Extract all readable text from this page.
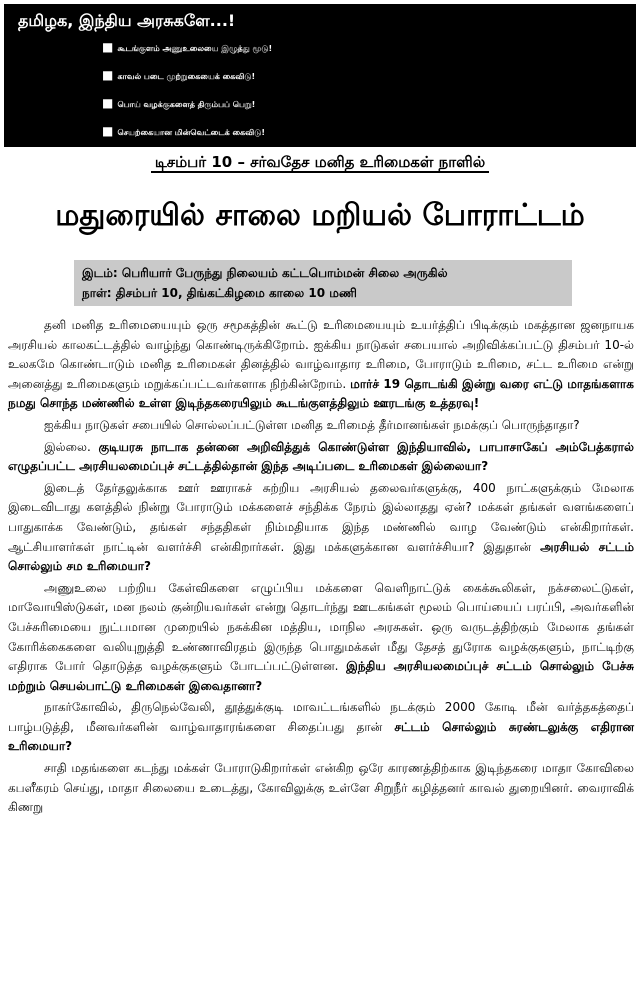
தமிழக, இந்திய அரசுகளே...!
■ கூடங்குளம் அணுஉலையை இழுத்து மூடு!
■ காவல் படை முற்றுகையைக் கைவிடு!
■ பொய் வழக்குகளைத் திரும்பப் பெறு!
■ செயற்கையான மின்வெட்டைக் கைவிடு!
டிசம்பர் 10 – சர்வதேச மனித உரிமைகள் நாளில்
மதுரையில் சாலை மறியல் போராட்டம்
இடம்: பெரியார் பேருந்து நிலையம் கட்டபொம்மன் சிலை அருகில்
நாள்: திசம்பர் 10, திங்கட்கிழமை காலை 10 மணி

தனி மனித உரிமையையும் ஒரு சமூகத்தின் கூட்டு உரிமையையும் உயர்த்திப் பிடிக்கும் மகத்தான ஜனநாயக அரசியல் காலகட்டத்தில் வாழ்ந்து கொண்டிருக்கிறோம். ஐக்கிய நாடுகள் சபையால் அறிவிக்கப்பட்டு திசம்பர் 10-ல் உலகமே கொண்டாடும் மனித உரிமைகள் தினத்தில் வாழ்வாதார உரிமை, போராடும் உரிமை, சட்ட உரிமை என்று அனைத்து உரிமைகளும் மறுக்கப்பட்டவர்களாக நிற்கின்றோம். மார்ச் 19 தொடங்கி இன்று வரை எட்டு மாதங்களாக நமது சொந்த மண்ணில் உள்ள இடிந்தகரையிலும் கூடங்குளத்திலும் ஊரடங்கு உத்தரவு!

ஐக்கிய நாடுகள் சபையில் சொல்லப்பட்டுள்ள மனித உரிமைத் தீர்மானங்கள் நமக்குப் பொருந்தாதா?

இல்லை. குடியரசு நாடாக தன்னை அறிவித்துக் கொண்டுள்ள இந்தியாவில், பாபாசாகேப் அம்பேத்கரால் எழுதப்பட்ட அரசியலமைப்புச் சட்டத்தில்தான் இந்த அடிப்படை உரிமைகள் இல்லையா?

இடைத் தேர்தலுக்காக ஊர் ஊராகச் சுற்றிய அரசியல் தலைவர்களுக்கு, 400 நாட்களுக்கும் மேலாக இடைவிடாது களத்தில் நின்று போராடும் மக்களைச் சந்திக்க நேரம் இல்லாதது ஏன்? மக்கள் தங்கள் வளங்களைப் பாதுகாக்க வேண்டும், தங்கள் சந்ததிகள் நிம்மதியாக இந்த மண்ணில் வாழ வேண்டும் என்கிறார்கள். ஆட்சியாளர்கள் நாட்டின் வளர்ச்சி என்கிறார்கள். இது மக்களுக்கான வளர்ச்சியா? இதுதான் அரசியல் சட்டம் சொல்லும் சம உரிமையா?

அணுஉலை பற்றிய கேள்விகளை எழுப்பிய மக்களை வெளிநாட்டுக் கைக்கூலிகள், நக்சலைட்டுகள், மாவோயிஸ்டுகள், மன நலம் குன்றியவர்கள் என்று தொடர்ந்து ஊடகங்கள் மூலம் பொய்யைப் பரப்பி, அவர்களின் பேச்சுரிமையை நுட்பமான முறையில் நசுக்கின மத்திய, மாநில அரசுகள். ஒரு வருடத்திற்கும் மேலாக தங்கள் கோரிக்கைகளை வலியுறுத்தி உண்ணாவிரதம் இருந்த பொதுமக்கள் மீது தேசத் துரோக வழக்குகளும், நாட்டிற்கு எதிராக போர் தொடுத்த வழக்குகளும் போடப்பட்டுள்ளன. இந்திய அரசியலமைப்புச் சட்டம் சொல்லும் பேச்சு மற்றும் செயல்பாட்டு உரிமைகள் இவைதானா?

நாகர்கோவில், திருநெல்வேலி, தூத்துக்குடி மாவட்டங்களில் நடக்கும் 2000 கோடி மீன் வர்த்தகத்தைப் பாழ்படுத்தி, மீனவர்களின் வாழ்வாதாரங்களை சிதைப்பது தான் சட்டம் சொல்லும் சுரண்டலுக்கு எதிரான உரிமையா?

சாதி மதங்களை கடந்து மக்கள் போராடுகிறார்கள் என்கிற ஒரே காரணத்திற்காக இடிந்தகரை மாதா கோவிலை கபளீகரம் செய்து, மாதா சிலையை உடைத்து, கோவிலுக்கு உள்ளே சிறுநீர் கழித்தனர் காவல் துறையினர். வைராவிக் கிணறு
